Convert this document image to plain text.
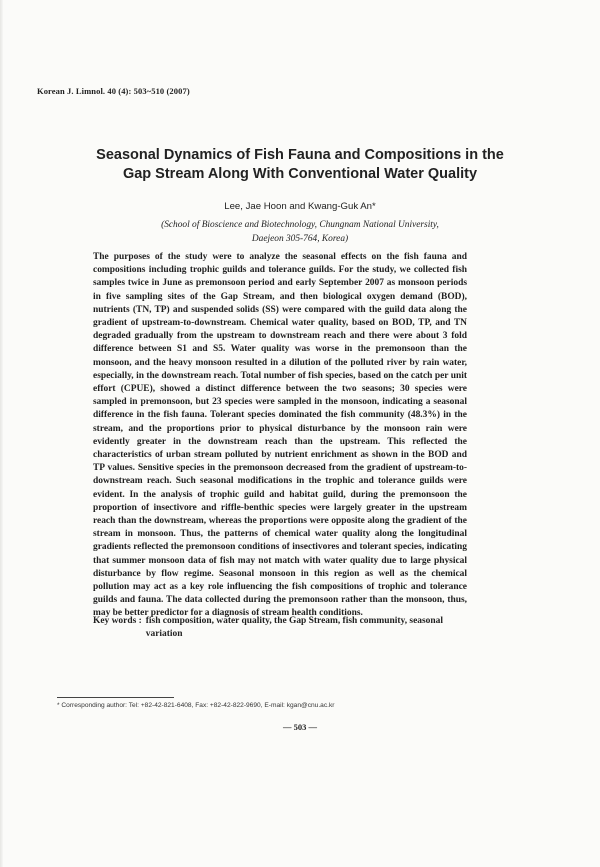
Korean J. Limnol. 40 (4): 503~510 (2007)
Seasonal Dynamics of Fish Fauna and Compositions in the
Gap Stream Along With Conventional Water Quality
Lee, Jae Hoon and Kwang-Guk An*
(School of Bioscience and Biotechnology, Chungnam National University,
Daejeon 305-764, Korea)

The purposes of the study were to analyze the seasonal effects on the fish fauna and compositions including trophic guilds and tolerance guilds. For the study, we collected fish samples twice in June as premonsoon period and early September 2007 as monsoon periods in five sampling sites of the Gap Stream, and then biological oxygen demand (BOD), nutrients (TN, TP) and suspended solids (SS) were compared with the guild data along the gradient of upstream-to-downstream. Chemical water quality, based on BOD, TP, and TN degraded gradually from the upstream to downstream reach and there were about 3 fold difference between S1 and S5. Water quality was worse in the premonsoon than the monsoon, and the heavy monsoon resulted in a dilution of the polluted river by rain water, especially, in the downstream reach. Total number of fish species, based on the catch per unit effort (CPUE), showed a distinct difference between the two seasons; 30 species were sampled in premonsoon, but 23 species were sampled in the monsoon, indicating a seasonal difference in the fish fauna. Tolerant species dominated the fish community (48.3%) in the stream, and the proportions prior to physical disturbance by the monsoon rain were evidently greater in the downstream reach than the upstream. This reflected the characteristics of urban stream polluted by nutrient enrichment as shown in the BOD and TP values. Sensitive species in the premonsoon decreased from the gradient of upstream-to-downstream reach. Such seasonal modifications in the trophic and tolerance guilds were evident. In the analysis of trophic guild and habitat guild, during the premonsoon the proportion of insectivore and riffle-benthic species were largely greater in the upstream reach than the downstream, whereas the proportions were opposite along the gradient of the stream in monsoon. Thus, the patterns of chemical water quality along the longitudinal gradients reflected the premonsoon conditions of insectivores and tolerant species, indicating that summer monsoon data of fish may not match with water quality due to large physical disturbance by flow regime. Seasonal monsoon in this region as well as the chemical pollution may act as a key role influencing the fish compositions of trophic and tolerance guilds and fauna. The data collected during the premonsoon rather than the monsoon, thus, may be better predictor for a diagnosis of stream health conditions.

Key words : fish composition, water quality, the Gap Stream, fish community, seasonal variation
* Corresponding author: Tel: +82-42-821-6408, Fax: +82-42-822-9690, E-mail: kgan@cnu.ac.kr
— 503 —
